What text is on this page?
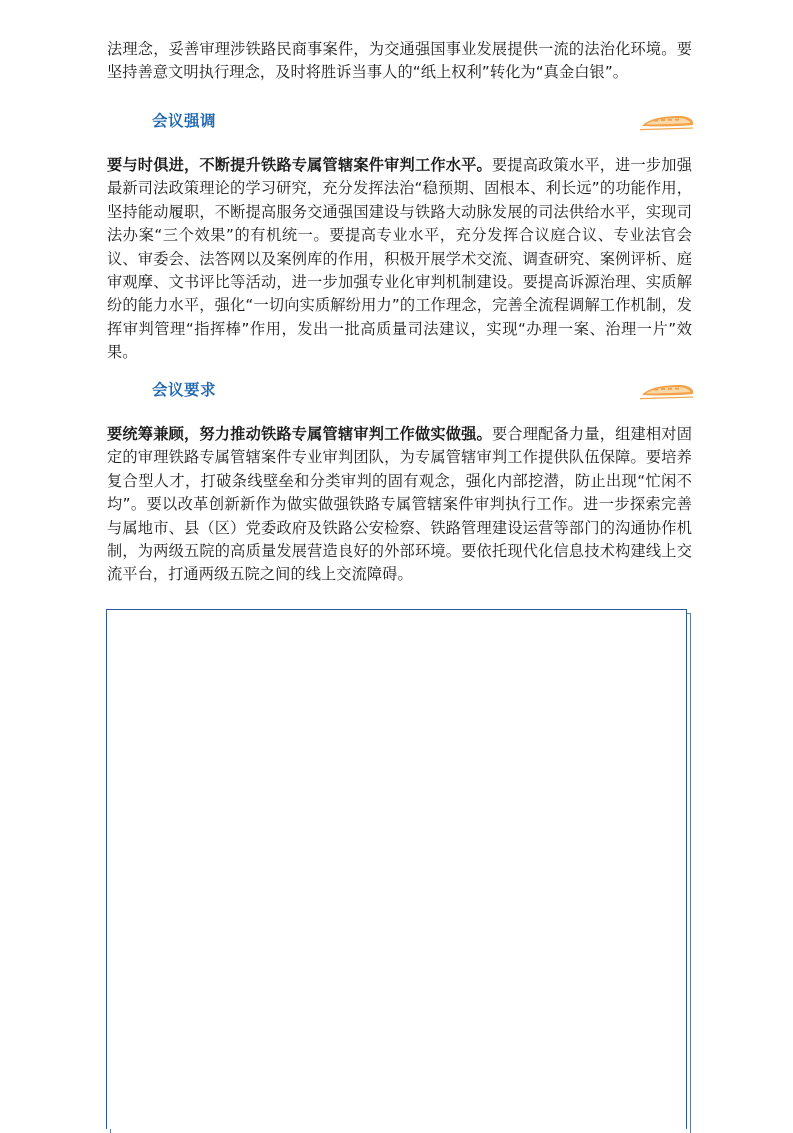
法理念，妥善审理涉铁路民商事案件，为交通强国事业发展提供一流的法治化环境。要坚持善意文明执行理念，及时将胜诉当事人的“纸上权利”转化为“真金白银”。

会议强调

要与时俱进，不断提升铁路专属管辖案件审判工作水平。要提高政策水平，进一步加强最新司法政策理论的学习研究，充分发挥法治“稳预期、固根本、利长远”的功能作用，坚持能动履职，不断提高服务交通强国建设与铁路大动脉发展的司法供给水平，实现司法办案“三个效果”的有机统一。要提高专业水平，充分发挥合议庭合议、专业法官会议、审委会、法答网以及案例库的作用，积极开展学术交流、调查研究、案例评析、庭审观摩、文书评比等活动，进一步加强专业化审判机制建设。要提高诉源治理、实质解纷的能力水平，强化“一切向实质解纷用力”的工作理念，完善全流程调解工作机制，发挥审判管理“指挥棒”作用，发出一批高质量司法建议，实现“办理一案、治理一片”效果。

会议要求

要统筹兼顾，努力推动铁路专属管辖审判工作做实做强。要合理配备力量，组建相对固定的审理铁路专属管辖案件专业审判团队，为专属管辖审判工作提供队伍保障。要培养复合型人才，打破条线壁垒和分类审判的固有观念，强化内部挖潜，防止出现“忙闲不均”。要以改革创新新作为做实做强铁路专属管辖案件审判执行工作。进一步探索完善与属地市、县（区）党委政府及铁路公安检察、铁路管理建设运营等部门的沟通协作机制，为两级五院的高质量发展营造良好的外部环境。要依托现代化信息技术构建线上交流平台，打通两级五院之间的线上交流障碍。
